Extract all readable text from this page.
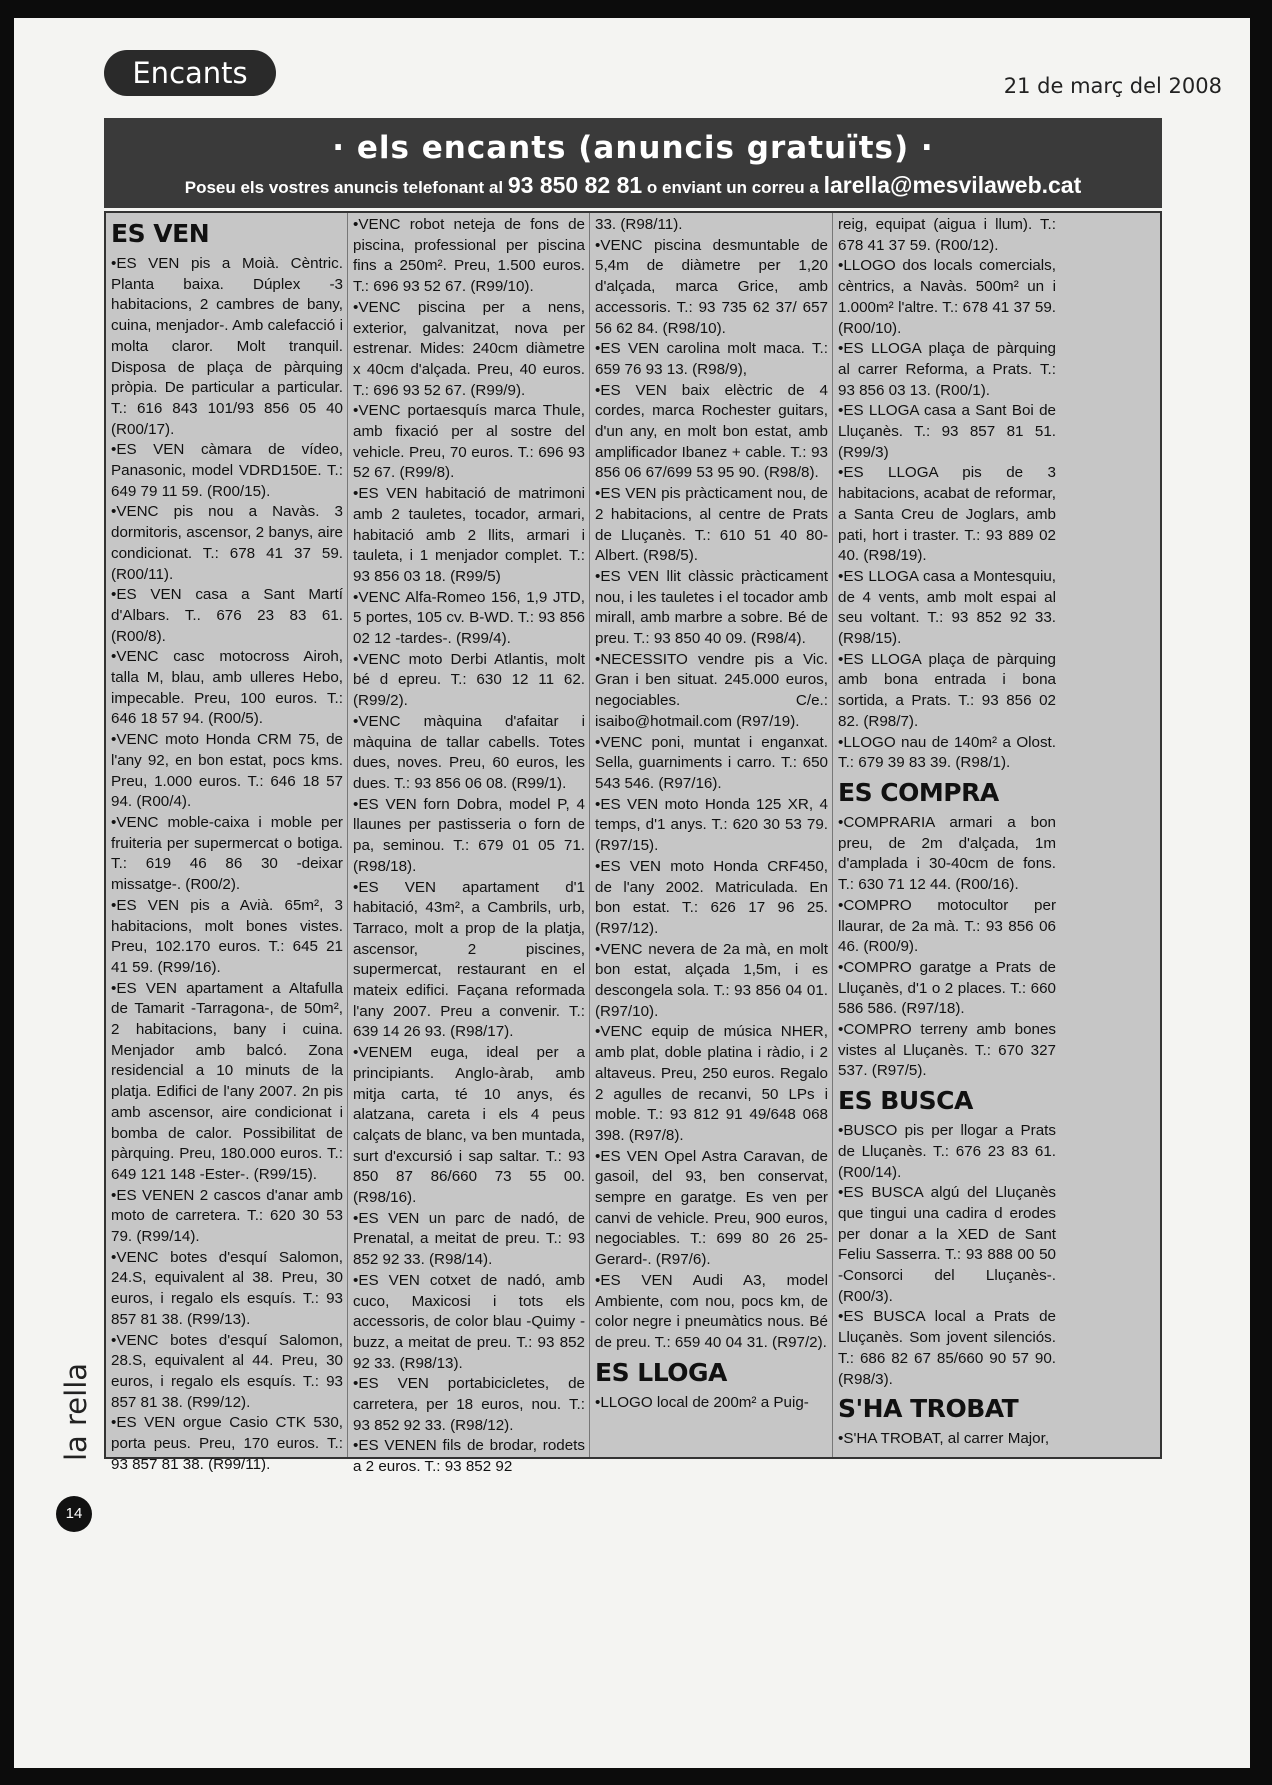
Encants	21 de març del 2008
· els encants (anuncis gratuïts) ·
Poseu els vostres anuncis telefonant al 93 850 82 81 o enviant un correu a larella@mesvilaweb.cat
ES VEN

•ES VEN pis a Moià. Cèntric. Planta baixa. Dúplex -3 habitacions, 2 cambres de bany, cuina, menjador-. Amb calefacció i molta claror. Molt tranquil. Disposa de plaça de pàrquing pròpia. De particular a particular. T.: 616 843 101/93 856 05 40 (R00/17).

•ES VEN càmara de vídeo, Panasonic, model VDRD150E. T.: 649 79 11 59. (R00/15).

•VENC pis nou a Navàs. 3 dormitoris, ascensor, 2 banys, aire condicionat. T.: 678 41 37 59. (R00/11).

•ES VEN casa a Sant Martí d'Albars. T.. 676 23 83 61. (R00/8).

•VENC casc motocross Airoh, talla M, blau, amb ulleres Hebo, impecable. Preu, 100 euros. T.: 646 18 57 94. (R00/5).

•VENC moto Honda CRM 75, de l'any 92, en bon estat, pocs kms. Preu, 1.000 euros. T.: 646 18 57 94. (R00/4).

•VENC moble-caixa i moble per fruiteria per supermercat o botiga. T.: 619 46 86 30 -deixar missatge-. (R00/2).

•ES VEN pis a Avià. 65m², 3 habitacions, molt bones vistes. Preu, 102.170 euros. T.: 645 21 41 59. (R99/16).

•ES VEN apartament a Altafulla de Tamarit -Tarragona-, de 50m², 2 habitacions, bany i cuina. Menjador amb balcó. Zona residencial a 10 minuts de la platja. Edifici de l'any 2007. 2n pis amb ascensor, aire condicionat i bomba de calor. Possibilitat de pàrquing. Preu, 180.000 euros. T.: 649 121 148 -Ester-. (R99/15).

•ES VENEN 2 cascos d'anar amb moto de carretera. T.: 620 30 53 79. (R99/14).

•VENC botes d'esquí Salomon, 24.S, equivalent al 38. Preu, 30 euros, i regalo els esquís. T.: 93 857 81 38. (R99/13).

•VENC botes d'esquí Salomon, 28.S, equivalent al 44. Preu, 30 euros, i regalo els esquís. T.: 93 857 81 38. (R99/12).

•ES VEN orgue Casio CTK 530, porta peus. Preu, 170 euros. T.: 93 857 81 38. (R99/11).

•VENC robot neteja de fons de piscina, professional per piscina fins a 250m². Preu, 1.500 euros. T.: 696 93 52 67. (R99/10).

•VENC piscina per a nens, exterior, galvanitzat, nova per estrenar. Mides: 240cm diàmetre x 40cm d'alçada. Preu, 40 euros. T.: 696 93 52 67. (R99/9).

•VENC portaesquís marca Thule, amb fixació per al sostre del vehicle. Preu, 70 euros. T.: 696 93 52 67. (R99/8).

•ES VEN habitació de matrimoni amb 2 tauletes, tocador, armari, habitació amb 2 llits, armari i tauleta, i 1 menjador complet. T.: 93 856 03 18. (R99/5)

•VENC Alfa-Romeo 156, 1,9 JTD, 5 portes, 105 cv. B-WD. T.: 93 856 02 12 -tardes-. (R99/4).

•VENC moto Derbi Atlantis, molt bé d epreu. T.: 630 12 11 62. (R99/2).

•VENC màquina d'afaitar i màquina de tallar cabells. Totes dues, noves. Preu, 60 euros, les dues. T.: 93 856 06 08. (R99/1).

•ES VEN forn Dobra, model P, 4 llaunes per pastisseria o forn de pa, seminou. T.: 679 01 05 71. (R98/18).

•ES VEN apartament d'1 habitació, 43m², a Cambrils, urb, Tarraco, molt a prop de la platja, ascensor, 2 piscines, supermercat, restaurant en el mateix edifici. Façana reformada l'any 2007. Preu a convenir. T.: 639 14 26 93. (R98/17).

•VENEM euga, ideal per a principiants. Anglo-àrab, amb mitja carta, té 10 anys, és alatzana, careta i els 4 peus calçats de blanc, va ben muntada, surt d'excursió i sap saltar. T.: 93 850 87 86/660 73 55 00. (R98/16).

•ES VEN un parc de nadó, de Prenatal, a meitat de preu. T.: 93 852 92 33. (R98/14).

•ES VEN cotxet de nadó, amb cuco, Maxicosi i tots els accessoris, de color blau -Quimy -buzz, a meitat de preu. T.: 93 852 92 33. (R98/13).

•ES VEN portabicicletes, de carretera, per 18 euros, nou. T.: 93 852 92 33. (R98/12).

•ES VENEN fils de brodar, rodets a 2 euros. T.: 93 852 92

33. (R98/11).

•VENC piscina desmuntable de 5,4m de diàmetre per 1,20 d'alçada, marca Grice, amb accessoris. T.: 93 735 62 37/ 657 56 62 84. (R98/10).

•ES VEN carolina molt maca. T.: 659 76 93 13. (R98/9),

•ES VEN baix elèctric de 4 cordes, marca Rochester guitars, d'un any, en molt bon estat, amb amplificador Ibanez + cable. T.: 93 856 06 67/699 53 95 90. (R98/8).

•ES VEN pis pràcticament nou, de 2 habitacions, al centre de Prats de Lluçanès. T.: 610 51 40 80-Albert. (R98/5).

•ES VEN llit clàssic pràcticament nou, i les tauletes i el tocador amb mirall, amb marbre a sobre. Bé de preu. T.: 93 850 40 09. (R98/4).

•NECESSITO vendre pis a Vic. Gran i ben situat. 245.000 euros, negociables. C/e.: isaibo@hotmail.com (R97/19).

•VENC poni, muntat i enganxat. Sella, guarniments i carro. T.: 650 543 546. (R97/16).

•ES VEN moto Honda 125 XR, 4 temps, d'1 anys. T.: 620 30 53 79. (R97/15).

•ES VEN moto Honda CRF450, de l'any 2002. Matriculada. En bon estat. T.: 626 17 96 25. (R97/12).

•VENC nevera de 2a mà, en molt bon estat, alçada 1,5m, i es descongela sola. T.: 93 856 04 01. (R97/10).

•VENC equip de música NHER, amb plat, doble platina i ràdio, i 2 altaveus. Preu, 250 euros. Regalo 2 agulles de recanvi, 50 LPs i moble. T.: 93 812 91 49/648 068 398. (R97/8).

•ES VEN Opel Astra Caravan, de gasoil, del 93, ben conservat, sempre en garatge. Es ven per canvi de vehicle. Preu, 900 euros, negociables. T.: 699 80 26 25-Gerard-. (R97/6).

•ES VEN Audi A3, model Ambiente, com nou, pocs km, de color negre i pneumàtics nous. Bé de preu. T.: 659 40 04 31. (R97/2).

ES LLOGA

•LLOGO local de 200m² a Puig-

reig, equipat (aigua i llum). T.: 678 41 37 59. (R00/12).

•LLOGO dos locals comercials, cèntrics, a Navàs. 500m² un i 1.000m² l'altre. T.: 678 41 37 59. (R00/10).

•ES LLOGA plaça de pàrquing al carrer Reforma, a Prats. T.: 93 856 03 13. (R00/1).

•ES LLOGA casa a Sant Boi de Lluçanès. T.: 93 857 81 51. (R99/3)

•ES LLOGA pis de 3 habitacions, acabat de reformar, a Santa Creu de Joglars, amb pati, hort i traster. T.: 93 889 02 40. (R98/19).

•ES LLOGA casa a Montesquiu, de 4 vents, amb molt espai al seu voltant. T.: 93 852 92 33. (R98/15).

•ES LLOGA plaça de pàrquing amb bona entrada i bona sortida, a Prats. T.: 93 856 02 82. (R98/7).

•LLOGO nau de 140m² a Olost. T.: 679 39 83 39. (R98/1).

ES COMPRA

•COMPRARIA armari a bon preu, de 2m d'alçada, 1m d'amplada i 30-40cm de fons. T.: 630 71 12 44. (R00/16).

•COMPRO motocultor per llaurar, de 2a mà. T.: 93 856 06 46. (R00/9).

•COMPRO garatge a Prats de Lluçanès, d'1 o 2 places. T.: 660 586 586. (R97/18).

•COMPRO terreny amb bones vistes al Lluçanès. T.: 670 327 537. (R97/5).

ES BUSCA

•BUSCO pis per llogar a Prats de Lluçanès. T.: 676 23 83 61. (R00/14).

•ES BUSCA algú del Lluçanès que tingui una cadira d erodes per donar a la XED de Sant Feliu Sasserra. T.: 93 888 00 50 -Consorci del Lluçanès-. (R00/3).

•ES BUSCA local a Prats de Lluçanès. Som jovent silenciós. T.: 686 82 67 85/660 90 57 90. (R98/3).

S'HA TROBAT

•S'HA TROBAT, al carrer Major,

la rella
14
